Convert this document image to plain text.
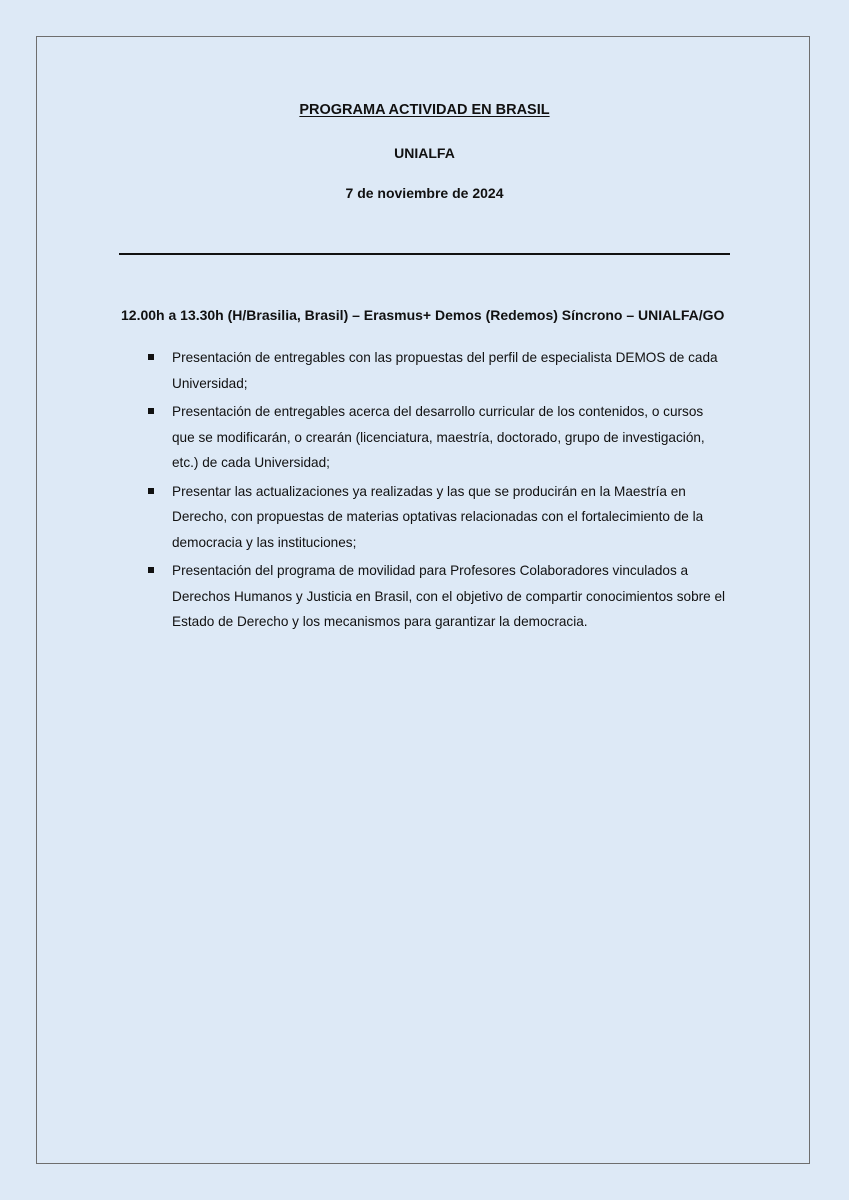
PROGRAMA ACTIVIDAD EN BRASIL
UNIALFA
7 de noviembre de 2024
12.00h a 13.30h (H/Brasilia, Brasil) – Erasmus+ Demos (Redemos) Síncrono – UNIALFA/GO
Presentación de entregables con las propuestas del perfil de especialista DEMOS de cada Universidad;
Presentación de entregables acerca del desarrollo curricular de los contenidos, o cursos que se modificarán, o crearán (licenciatura, maestría, doctorado, grupo de investigación, etc.) de cada Universidad;
Presentar las actualizaciones ya realizadas y las que se producirán en la Maestría en Derecho, con propuestas de materias optativas relacionadas con el fortalecimiento de la democracia y las instituciones;
Presentación del programa de movilidad para Profesores Colaboradores vinculados a Derechos Humanos y Justicia en Brasil, con el objetivo de compartir conocimientos sobre el Estado de Derecho y los mecanismos para garantizar la democracia.
